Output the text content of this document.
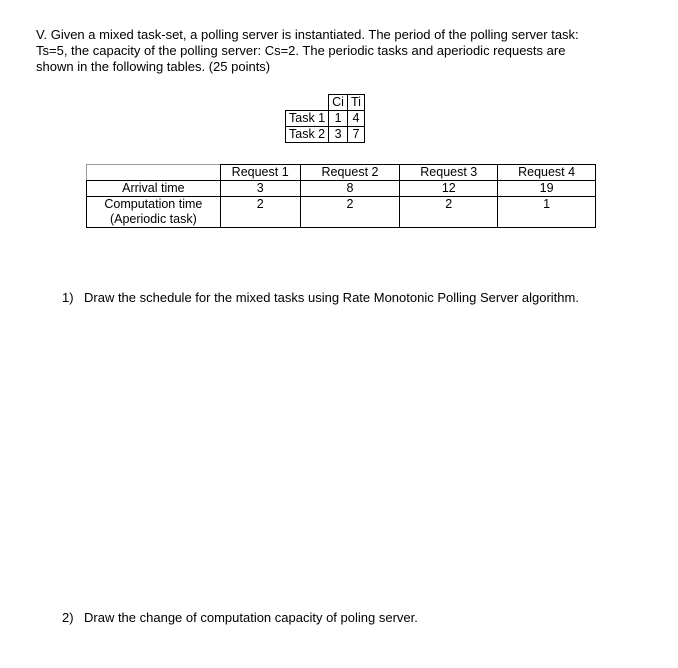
V. Given a mixed task-set, a polling server is instantiated. The period of the polling server task:

Ts=5, the capacity of the polling server: Cs=2. The periodic tasks and aperiodic requests are

shown in the following tables. (25 points)

	Ci	Ti
Task 1	1	4
Task 2	3	7
	Request 1	Request 2	Request 3	Request 4
Arrival time	3	8	12	19

Computation time
(Aperiodic task)	2	2	2	1
1) Draw the schedule for the mixed tasks using Rate Monotonic Polling Server algorithm.
2) Draw the change of computation capacity of poling server.
